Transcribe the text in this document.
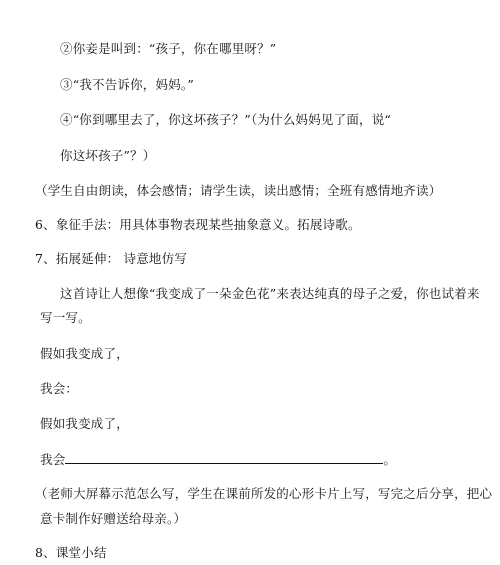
②你妾是叫到：“孩子，你在哪里呀？”
③“我不告诉你，妈妈。”
④“你到哪里去了，你这坏孩子？”（为什么妈妈见了面，说“
你这坏孩子”？）
（学生自由朗读，体会感情；请学生读，读出感情；全班有感情地齐读）
6、象征手法：用具体事物表现某些抽象意义。拓展诗歌。
7、拓展延伸： 诗意地仿写
这首诗让人想像“我变成了一朵金色花”来表达纯真的母子之爱，你也试着来
写一写。
假如我变成了，
我会：
假如我变成了，
我会	。
（老师大屏幕示范怎么写，学生在课前所发的心形卡片上写，写完之后分享，把心
意卡制作好赠送给母亲。）
8、课堂小结
